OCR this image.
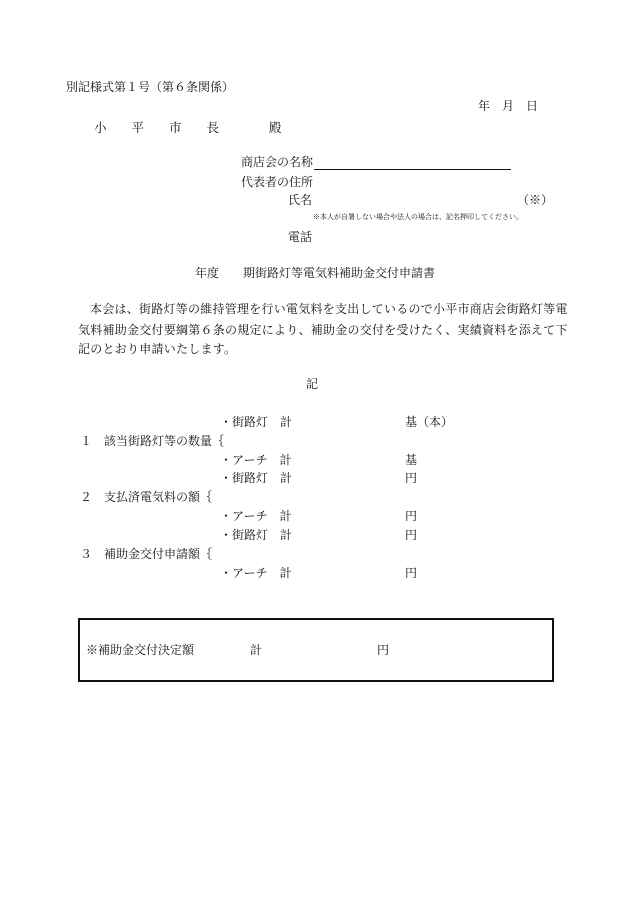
別記様式第１号（第６条関係）
年　月　日
小　　平　　市　　長　　　　殿
商店会の名称
代表者の住所
氏名	（※）
※本人が自署しない場合や法人の場合は、記名押印してください。
電話
年度　　期街路灯等電気料補助金交付申請書
本会は、街路灯等の維持管理を行い電気料を支出しているので小平市商店会街路灯等電
気料補助金交付要綱第６条の規定により、補助金の交付を受けたく、実績資料を添えて下
記のとおり申請いたします。
記
・街路灯　計	基（本）
１　該当街路灯等の数量｛
・アーチ　計	基
・街路灯　計	円
２　支払済電気料の額｛
・アーチ　計	円
・街路灯　計	円
３　補助金交付申請額｛
・アーチ　計	円
※補助金交付決定額	計	円
